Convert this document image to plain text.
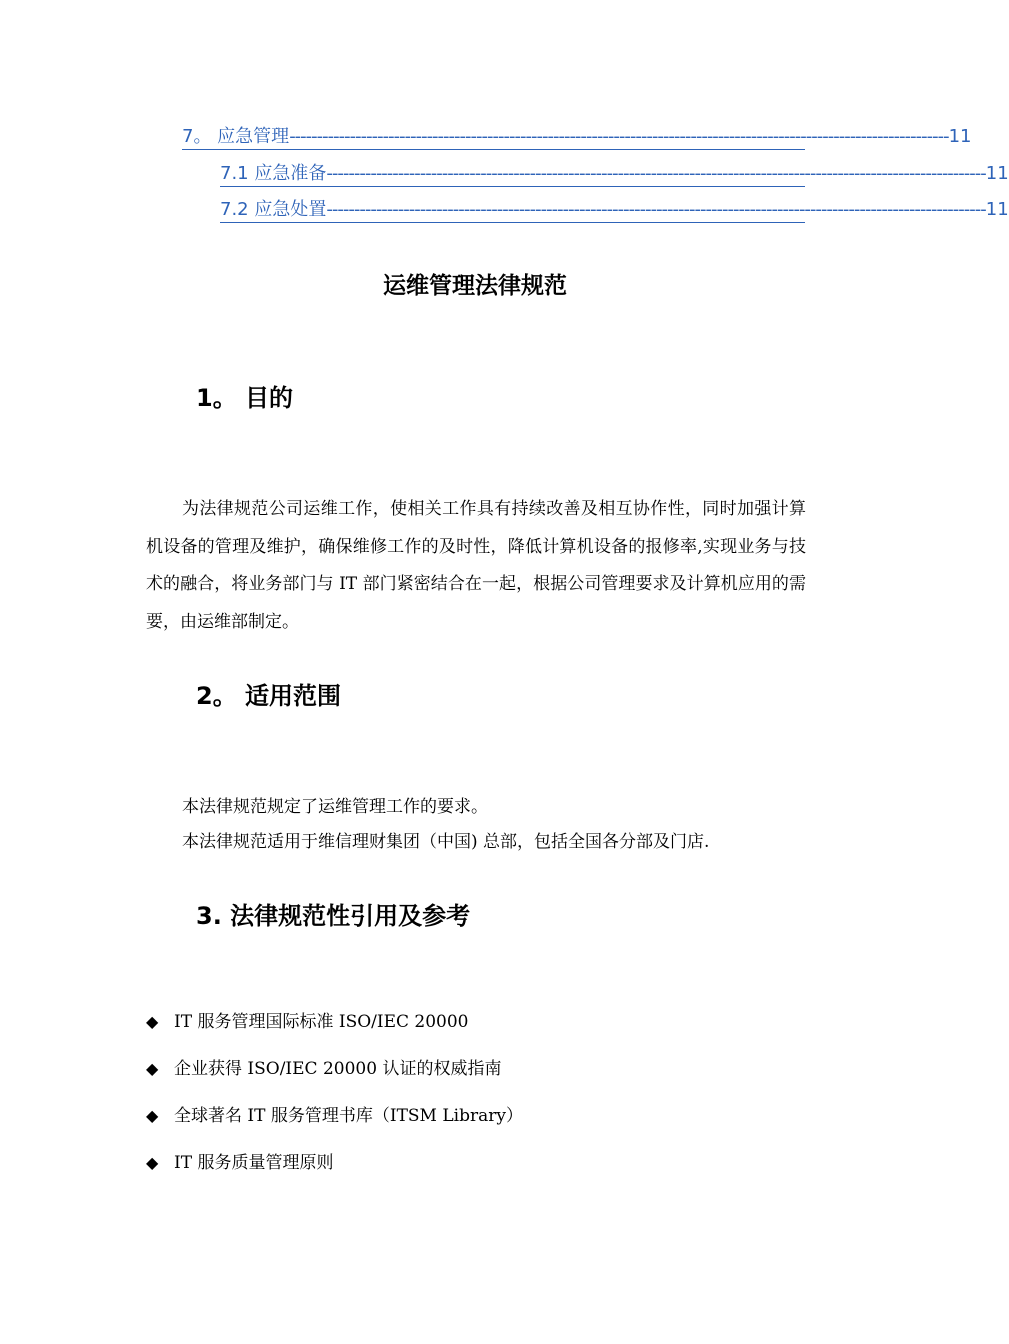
7。 应急管理 ------------------------------------------------------------------------------------------------------------------------ 11
7.1 应急准备 ------------------------------------------------------------------------------------------------------------------------ 11
7.2 应急处置 ------------------------------------------------------------------------------------------------------------------------ 11
运维管理法律规范
1。 目的

为法律规范公司运维工作，使相关工作具有持续改善及相互协作性，同时加强计算机设备的管理及维护，确保维修工作的及时性，降低计算机设备的报修率,实现业务与技术的融合，将业务部门与 IT 部门紧密结合在一起，根据公司管理要求及计算机应用的需要，由运维部制定。

2。 适用范围

本法律规范规定了运维管理工作的要求。

本法律规范适用于维信理财集团（中国) 总部，包括全国各分部及门店.

3. 法律规范性引用及参考
◆ IT 服务管理国际标准 ISO/IEC 20000
◆ 企业获得 ISO/IEC 20000 认证的权威指南
◆ 全球著名 IT 服务管理书库（ITSM Library）
◆ IT 服务质量管理原则
